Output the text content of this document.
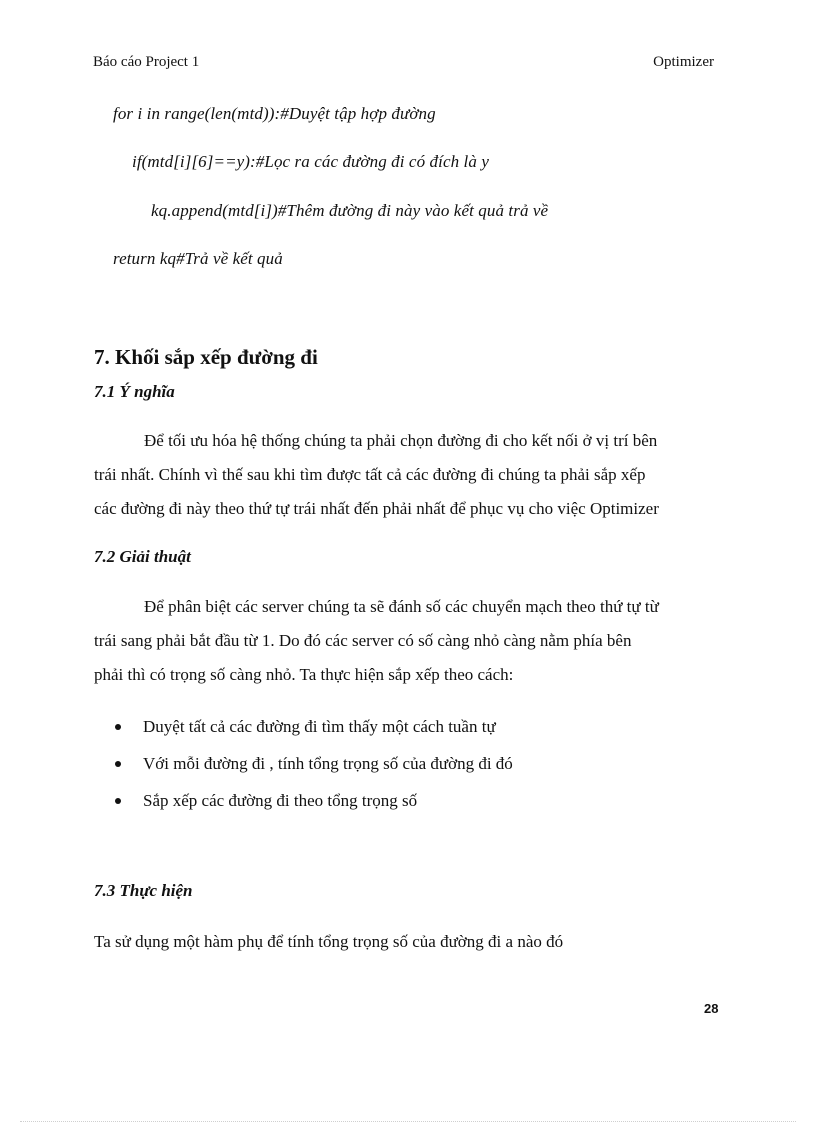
Báo cáo Project 1	Optimizer
for i in range(len(mtd)):#Duyệt tập hợp đường
if(mtd[i][6]==y):#Lọc ra các đường đi có đích là y
kq.append(mtd[i])#Thêm đường đi này vào kết quả trả về
return kq#Trả về kết quả
7. Khối sắp xếp đường đi
7.1 Ý nghĩa
Để tối ưu hóa hệ thống chúng ta phải chọn đường đi cho kết nối ở vị trí bên
trái nhất. Chính vì thế sau khi tìm được tất cả các đường đi chúng ta phải sắp xếp
các đường đi này theo thứ tự trái nhất đến phải nhất để phục vụ cho việc Optimizer
7.2 Giải thuật
Để phân biệt các server chúng ta sẽ đánh số các chuyển mạch theo thứ tự từ
trái sang phải bắt đầu từ 1. Do đó các server có số càng nhỏ càng nằm phía bên
phải thì có trọng số càng nhỏ. Ta thực hiện sắp xếp theo cách:
Duyệt tất cả các đường đi tìm thấy một cách tuần tự
Với mỗi đường đi , tính tổng trọng số của đường đi đó
Sắp xếp các đường đi theo tổng trọng số
7.3 Thực hiện
Ta sử dụng một hàm phụ để tính tổng trọng số của đường đi a nào đó
28
